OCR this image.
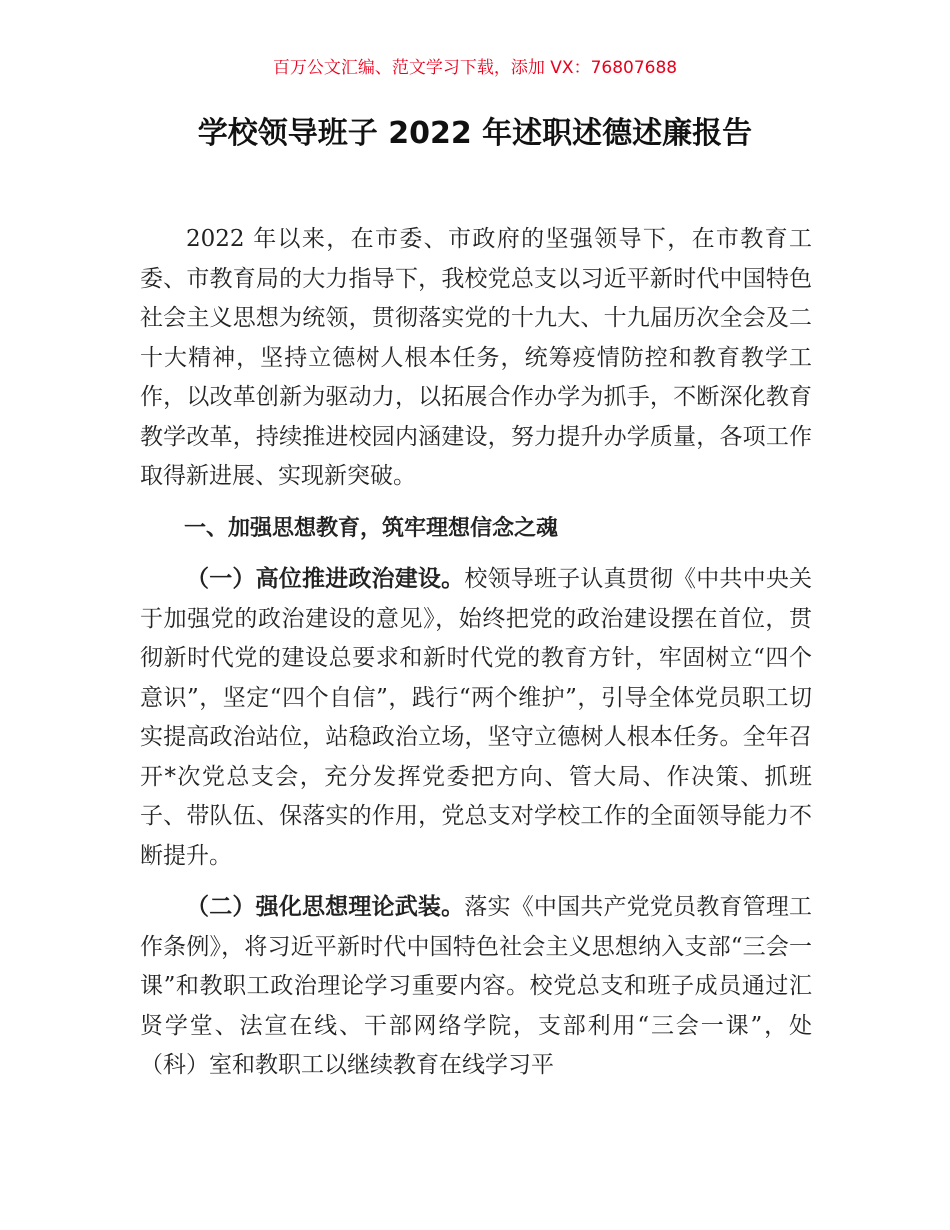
百万公文汇编、范文学习下载，添加 VX：76807688
学校领导班子 2022 年述职述德述廉报告

2022 年以来，在市委、市政府的坚强领导下，在市教育工委、市教育局的大力指导下，我校党总支以习近平新时代中国特色社会主义思想为统领，贯彻落实党的十九大、十九届历次全会及二十大精神，坚持立德树人根本任务，统筹疫情防控和教育教学工作，以改革创新为驱动力，以拓展合作办学为抓手，不断深化教育教学改革，持续推进校园内涵建设，努力提升办学质量，各项工作取得新进展、实现新突破。

一、加强思想教育，筑牢理想信念之魂

（一）高位推进政治建设。校领导班子认真贯彻《中共中央关于加强党的政治建设的意见》，始终把党的政治建设摆在首位，贯彻新时代党的建设总要求和新时代党的教育方针，牢固树立“四个意识”，坚定“四个自信”，践行“两个维护”，引导全体党员职工切实提高政治站位，站稳政治立场，坚守立德树人根本任务。全年召开*次党总支会，充分发挥党委把方向、管大局、作决策、抓班子、带队伍、保落实的作用，党总支对学校工作的全面领导能力不断提升。

（二）强化思想理论武装。落实《中国共产党党员教育管理工作条例》，将习近平新时代中国特色社会主义思想纳入支部“三会一课”和教职工政治理论学习重要内容。校党总支和班子成员通过汇贤学堂、法宣在线、干部网络学院，支部利用“三会一课”，处（科）室和教职工以继续教育在线学习平
